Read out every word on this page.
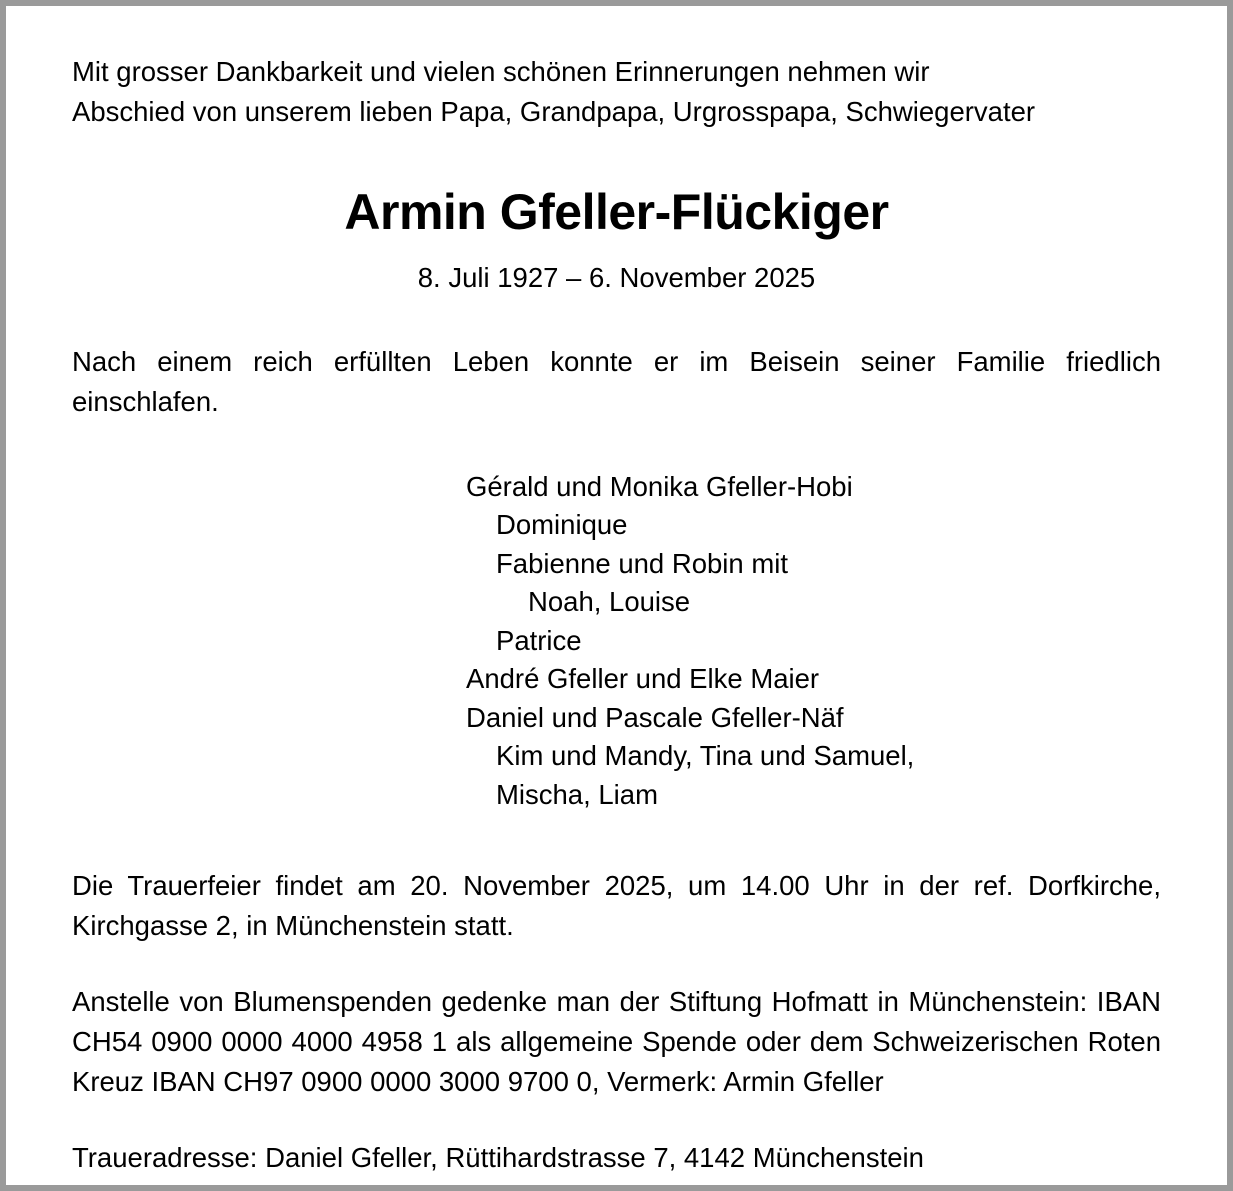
Mit grosser Dankbarkeit und vielen schönen Erinnerungen nehmen wir
Abschied von unserem lieben Papa, Grandpapa, Urgrosspapa, Schwiegervater

Armin Gfeller-Flückiger

8. Juli 1927 – 6. November 2025

Nach einem reich erfüllten Leben konnte er im Beisein seiner Familie friedlich einschlafen.

Gérald und Monika Gfeller-Hobi
Dominique
Fabienne und Robin mit
Noah, Louise
Patrice
André Gfeller und Elke Maier
Daniel und Pascale Gfeller-Näf
Kim und Mandy, Tina und Samuel,
Mischa, Liam

Die Trauerfeier findet am 20. November 2025, um 14.00 Uhr in der ref. Dorfkirche, Kirchgasse 2, in Münchenstein statt.

Anstelle von Blumenspenden gedenke man der Stiftung Hofmatt in Münchenstein: IBAN CH54 0900 0000 4000 4958 1 als allgemeine Spende oder dem Schweizerischen Roten Kreuz IBAN CH97 0900 0000 3000 9700 0, Vermerk: Armin Gfeller

Traueradresse: Daniel Gfeller, Rüttihardstrasse 7, 4142 Münchenstein
